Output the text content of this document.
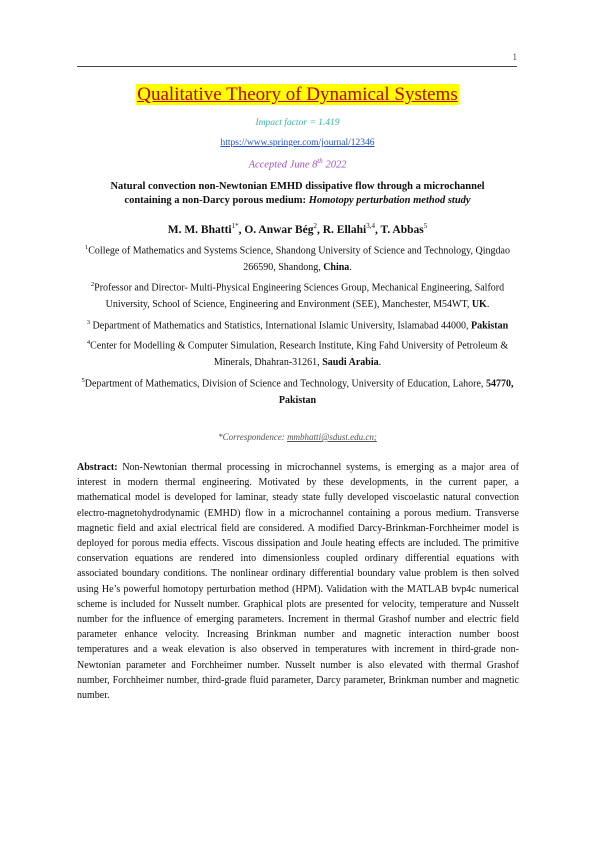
1
Qualitative Theory of Dynamical Systems
Impact factor = 1.419
https://www.springer.com/journal/12346
Accepted June 8th 2022
Natural convection non-Newtonian EMHD dissipative flow through a microchannel
containing a non-Darcy porous medium: Homotopy perturbation method study
M. M. Bhatti$^{1*}$, O. Anwar Bég$^2$, R. Ellahi$^{3,4}$, T. Abbas$^5$

$^1$College of Mathematics and Systems Science, Shandong University of Science and Technology, Qingdao 266590, Shandong, China.

$^2$Professor and Director- Multi-Physical Engineering Sciences Group, Mechanical Engineering, Salford University, School of Science, Engineering and Environment (SEE), Manchester, M54WT, UK.

$^3$ Department of Mathematics and Statistics, International Islamic University, Islamabad 44000, Pakistan

$^4$Center for Modelling & Computer Simulation, Research Institute, King Fahd University of Petroleum & Minerals, Dhahran-31261, Saudi Arabia.

$^5$Department of Mathematics, Division of Science and Technology, University of Education, Lahore, 54770, Pakistan

*Correspondence: mmbhatti@sdust.edu.cn;
Abstract: Non-Newtonian thermal processing in microchannel systems, is emerging as a major area of interest in modern thermal engineering. Motivated by these developments, in the current paper, a mathematical model is developed for laminar, steady state fully developed viscoelastic natural convection electro-magnetohydrodynamic (EMHD) flow in a microchannel containing a porous medium. Transverse magnetic field and axial electrical field are considered. A modified Darcy-Brinkman-Forchheimer model is deployed for porous media effects. Viscous dissipation and Joule heating effects are included. The primitive conservation equations are rendered into dimensionless coupled ordinary differential equations with associated boundary conditions. The nonlinear ordinary differential boundary value problem is then solved using He’s powerful homotopy perturbation method (HPM). Validation with the MATLAB bvp4c numerical scheme is included for Nusselt number. Graphical plots are presented for velocity, temperature and Nusselt number for the influence of emerging parameters. Increment in thermal Grashof number and electric field parameter enhance velocity. Increasing Brinkman number and magnetic interaction number boost temperatures and a weak elevation is also observed in temperatures with increment in third-grade non-Newtonian parameter and Forchheimer number. Nusselt number is also elevated with thermal Grashof number, Forchheimer number, third-grade fluid parameter, Darcy parameter, Brinkman number and magnetic number.
